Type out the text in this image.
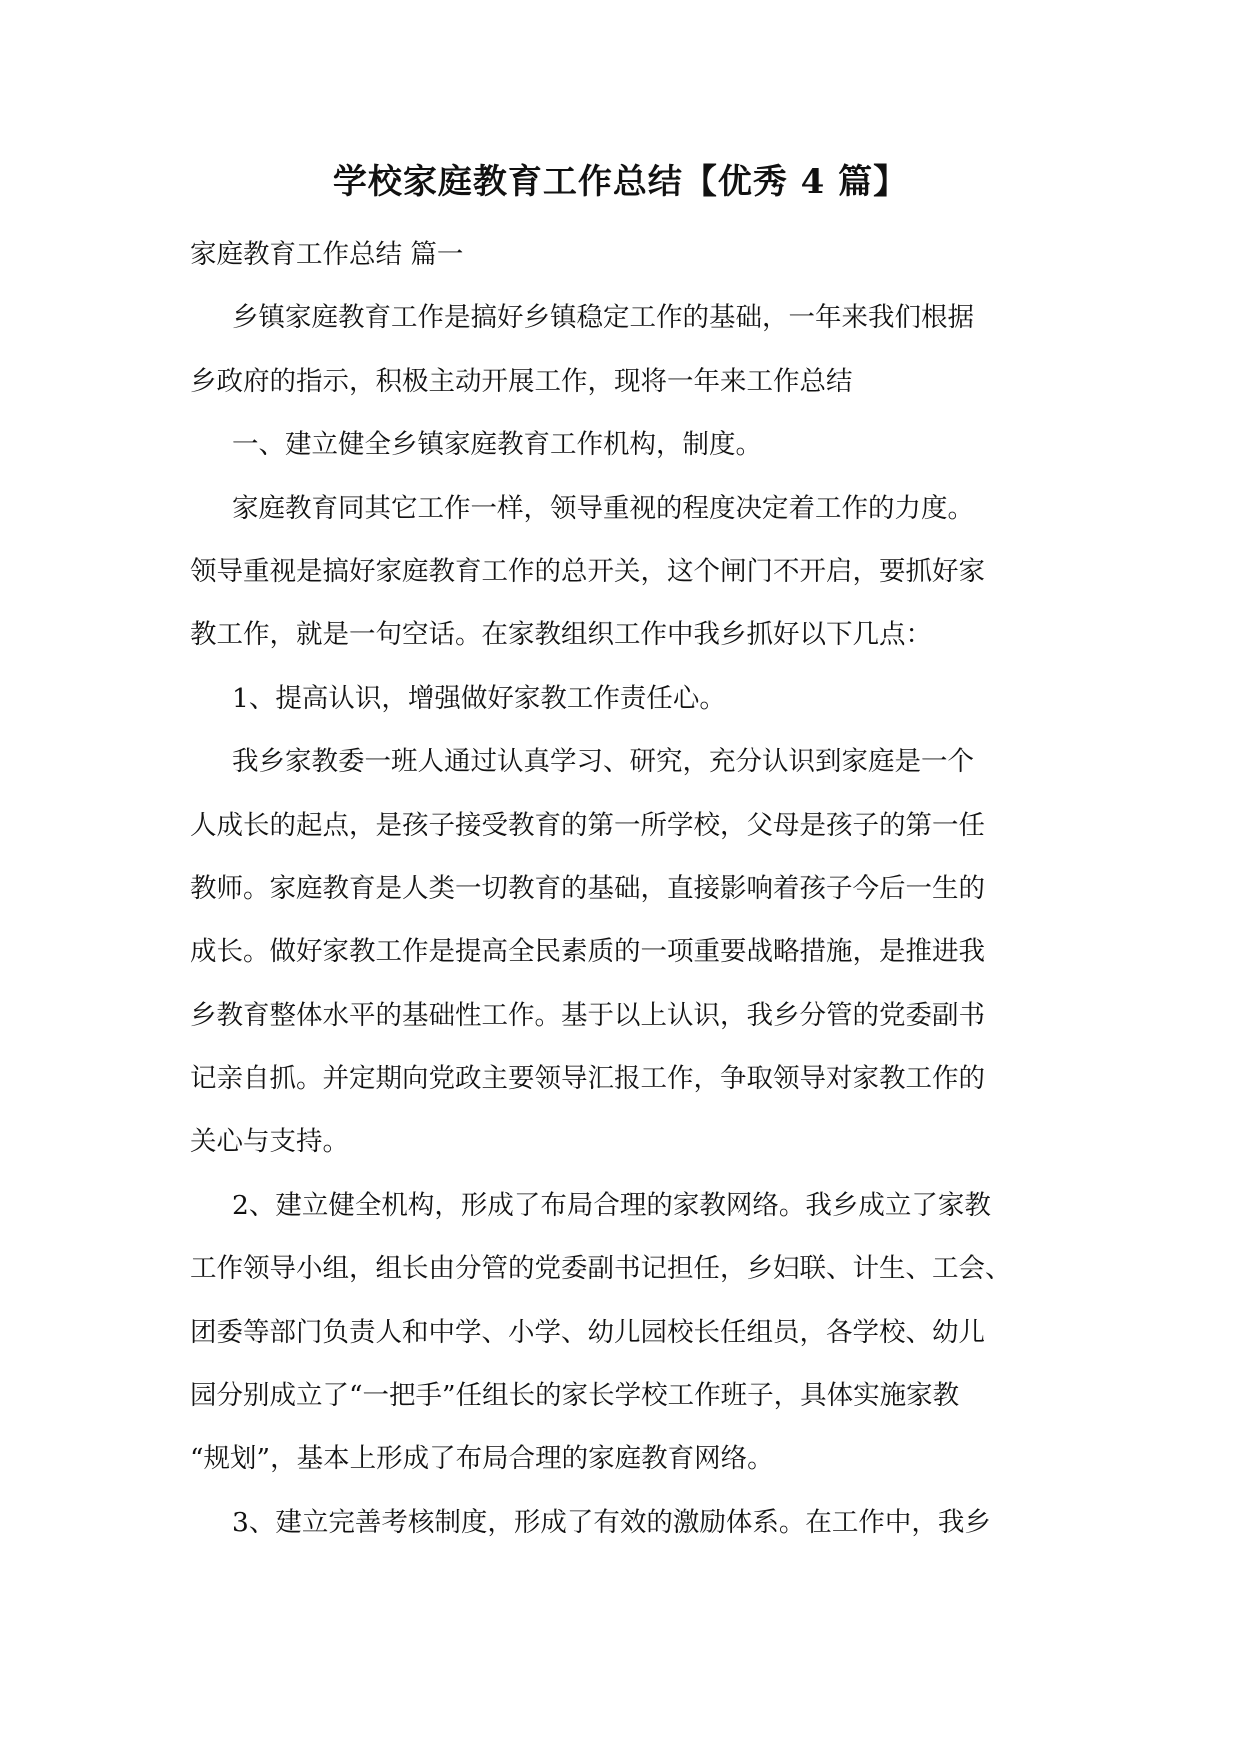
学校家庭教育工作总结【优秀 4 篇】
家庭教育工作总结 篇一
乡镇家庭教育工作是搞好乡镇稳定工作的基础，一年来我们根据
乡政府的指示，积极主动开展工作，现将一年来工作总结
一、建立健全乡镇家庭教育工作机构，制度。
家庭教育同其它工作一样，领导重视的程度决定着工作的力度。
领导重视是搞好家庭教育工作的总开关，这个闸门不开启，要抓好家
教工作，就是一句空话。在家教组织工作中我乡抓好以下几点：
1、提高认识，增强做好家教工作责任心。
我乡家教委一班人通过认真学习、研究，充分认识到家庭是一个
人成长的起点，是孩子接受教育的第一所学校，父母是孩子的第一任
教师。家庭教育是人类一切教育的基础，直接影响着孩子今后一生的
成长。做好家教工作是提高全民素质的一项重要战略措施，是推进我
乡教育整体水平的基础性工作。基于以上认识，我乡分管的党委副书
记亲自抓。并定期向党政主要领导汇报工作，争取领导对家教工作的
关心与支持。
2、建立健全机构，形成了布局合理的家教网络。我乡成立了家教
工作领导小组，组长由分管的党委副书记担任，乡妇联、计生、工会、
团委等部门负责人和中学、小学、幼儿园校长任组员，各学校、幼儿
园分别成立了“一把手”任组长的家长学校工作班子，具体实施家教
“规划”，基本上形成了布局合理的家庭教育网络。
3、建立完善考核制度，形成了有效的激励体系。在工作中，我乡
